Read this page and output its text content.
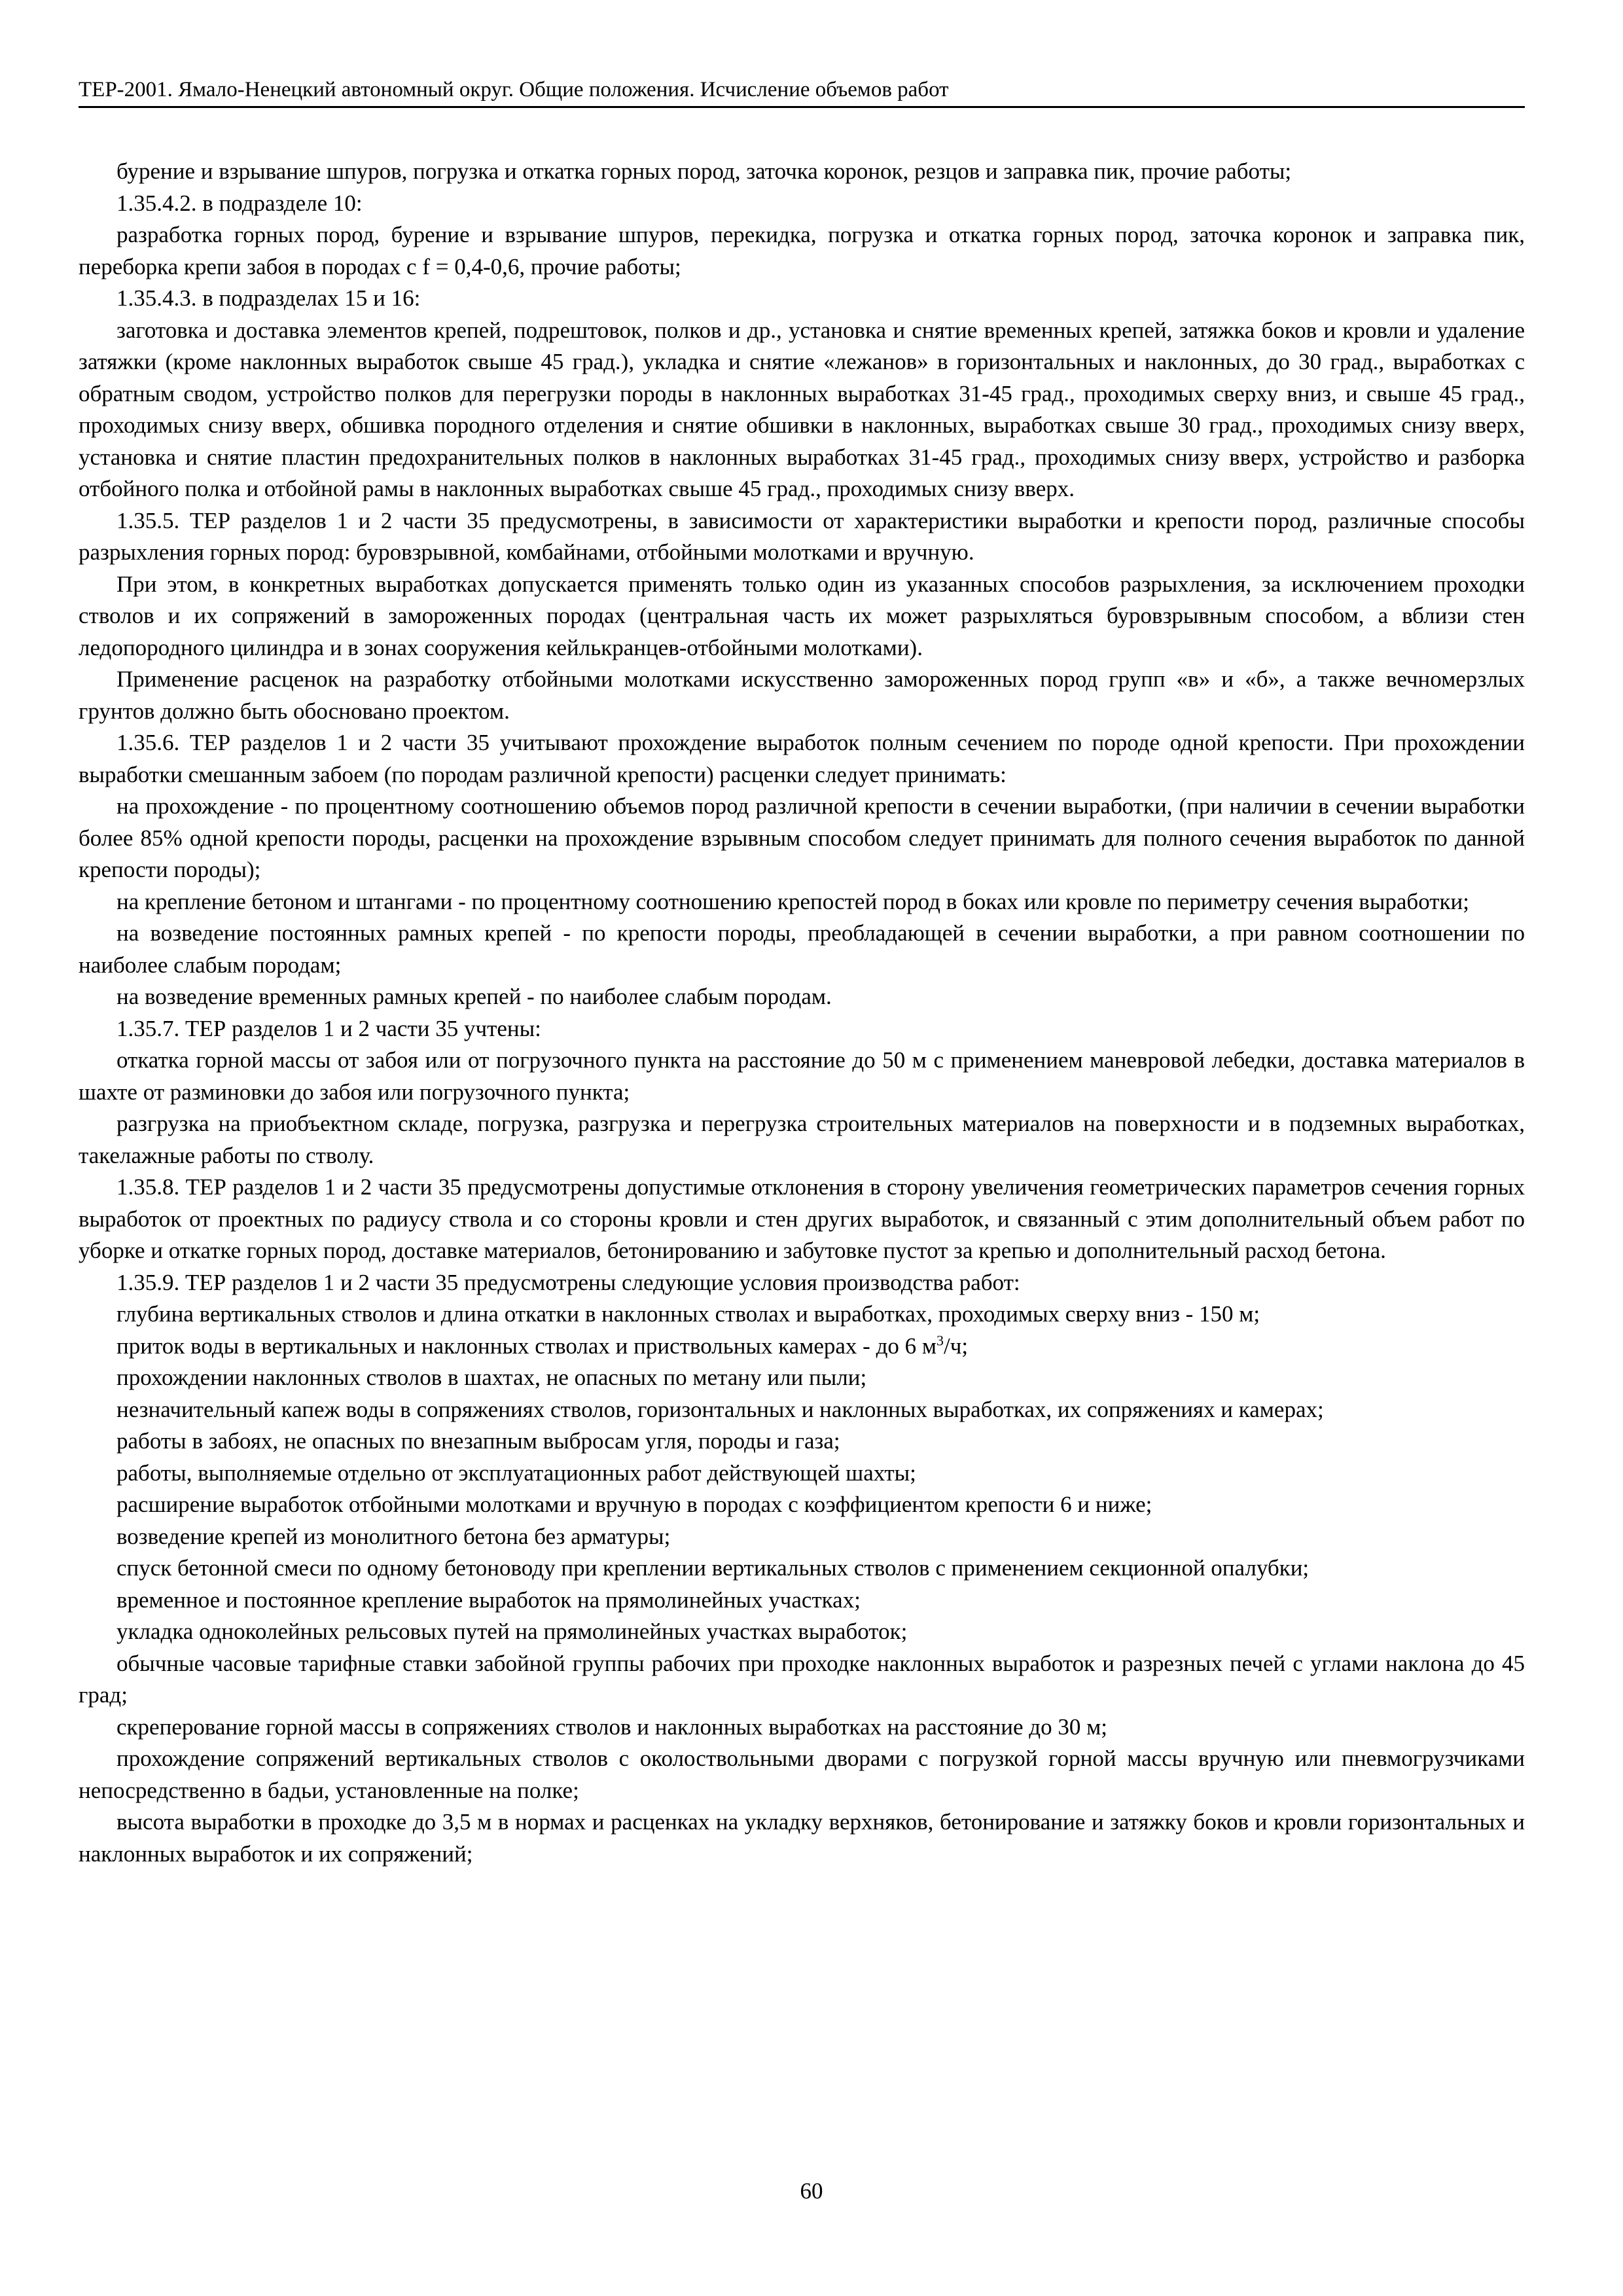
ТЕР-2001. Ямало-Ненецкий автономный округ. Общие положения. Исчисление объемов работ

бурение и взрывание шпуров, погрузка и откатка горных пород, заточка коронок, резцов и заправка пик, прочие работы;

1.35.4.2. в подразделе 10:

разработка горных пород, бурение и взрывание шпуров, перекидка, погрузка и откатка горных пород, заточка коронок и заправка пик, переборка крепи забоя в породах с f = 0,4-0,6, прочие работы;

1.35.4.3. в подразделах 15 и 16:

заготовка и доставка элементов крепей, подрештовок, полков и др., установка и снятие временных крепей, затяжка боков и кровли и удаление затяжки (кроме наклонных выработок свыше 45 град.), укладка и снятие «лежанов» в горизонтальных и наклонных, до 30 град., выработках с обратным сводом, устройство полков для перегрузки породы в наклонных выработках 31-45 град., проходимых сверху вниз, и свыше 45 град., проходимых снизу вверх, обшивка породного отделения и снятие обшивки в наклонных, выработках свыше 30 град., проходимых снизу вверх, установка и снятие пластин предохранительных полков в наклонных выработках 31-45 град., проходимых снизу вверх, устройство и разборка отбойного полка и отбойной рамы в наклонных выработках свыше 45 град., проходимых снизу вверх.

1.35.5. ТЕР разделов 1 и 2 части 35 предусмотрены, в зависимости от характеристики выработки и крепости пород, различные способы разрыхления горных пород: буровзрывной, комбайнами, отбойными молотками и вручную.

При этом, в конкретных выработках допускается применять только один из указанных способов разрыхления, за исключением проходки стволов и их сопряжений в замороженных породах (центральная часть их может разрыхляться буровзрывным способом, а вблизи стен ледопородного цилиндра и в зонах сооружения кейлькранцев-отбойными молотками).

Применение расценок на разработку отбойными молотками искусственно замороженных пород групп «в» и «б», а также вечномерзлых грунтов должно быть обосновано проектом.

1.35.6. ТЕР разделов 1 и 2 части 35 учитывают прохождение выработок полным сечением по породе одной крепости. При прохождении выработки смешанным забоем (по породам различной крепости) расценки следует принимать:

на прохождение - по процентному соотношению объемов пород различной крепости в сечении выработки, (при наличии в сечении выработки более 85% одной крепости породы, расценки на прохождение взрывным способом следует принимать для полного сечения выработок по данной крепости породы);

на крепление бетоном и штангами - по процентному соотношению крепостей пород в боках или кровле по периметру сечения выработки;

на возведение постоянных рамных крепей - по крепости породы, преобладающей в сечении выработки, а при равном соотношении по наиболее слабым породам;

на возведение временных рамных крепей - по наиболее слабым породам.

1.35.7. ТЕР разделов 1 и 2 части 35 учтены:

откатка горной массы от забоя или от погрузочного пункта на расстояние до 50 м с применением маневровой лебедки, доставка материалов в шахте от разминовки до забоя или погрузочного пункта;

разгрузка на приобъектном складе, погрузка, разгрузка и перегрузка строительных материалов на поверхности и в подземных выработках, такелажные работы по стволу.

1.35.8. ТЕР разделов 1 и 2 части 35 предусмотрены допустимые отклонения в сторону увеличения геометрических параметров сечения горных выработок от проектных по радиусу ствола и со стороны кровли и стен других выработок, и связанный с этим дополнительный объем работ по уборке и откатке горных пород, доставке материалов, бетонированию и забутовке пустот за крепью и дополнительный расход бетона.

1.35.9. ТЕР разделов 1 и 2 части 35 предусмотрены следующие условия производства работ:

глубина вертикальных стволов и длина откатки в наклонных стволах и выработках, проходимых сверху вниз - 150 м;

приток воды в вертикальных и наклонных стволах и приствольных камерах - до 6 $м^3/ч$;

прохождении наклонных стволов в шахтах, не опасных по метану или пыли;

незначительный капеж воды в сопряжениях стволов, горизонтальных и наклонных выработках, их сопряжениях и камерах;

работы в забоях, не опасных по внезапным выбросам угля, породы и газа;

работы, выполняемые отдельно от эксплуатационных работ действующей шахты;

расширение выработок отбойными молотками и вручную в породах с коэффициентом крепости 6 и ниже;

возведение крепей из монолитного бетона без арматуры;

спуск бетонной смеси по одному бетоноводу при креплении вертикальных стволов с применением секционной опалубки;

временное и постоянное крепление выработок на прямолинейных участках;

укладка одноколейных рельсовых путей на прямолинейных участках выработок;

обычные часовые тарифные ставки забойной группы рабочих при проходке наклонных выработок и разрезных печей с углами наклона до 45 град;

скреперование горной массы в сопряжениях стволов и наклонных выработках на расстояние до 30 м;

прохождение сопряжений вертикальных стволов с околоствольными дворами с погрузкой горной массы вручную или пневмогрузчиками непосредственно в бадьи, установленные на полке;

высота выработки в проходке до 3,5 м в нормах и расценках на укладку верхняков, бетонирование и затяжку боков и кровли горизонтальных и наклонных выработок и их сопряжений;

60
